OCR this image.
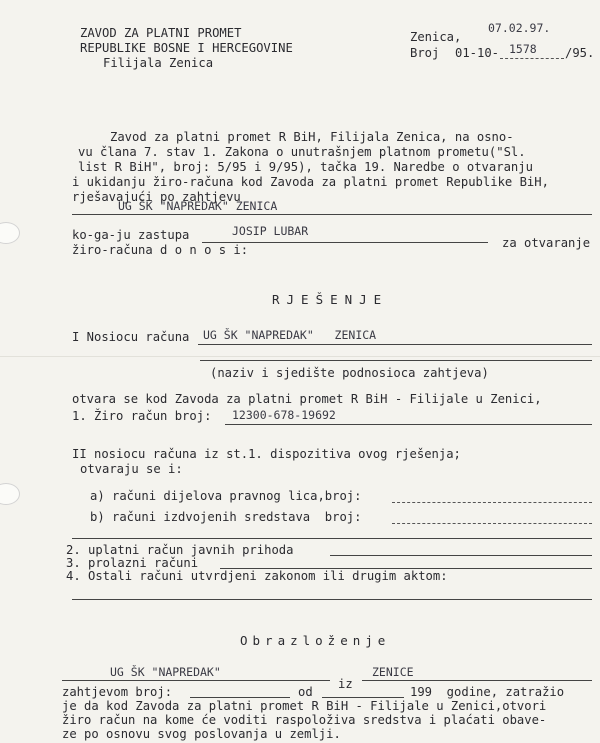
ZAVOD ZA PLATNI PROMET
REPUBLIKE BOSNE I HERCEGOVINE
Filijala Zenica
Zenica,
07.02.97.
Broj 01-10- 1578 /95.
Zavod za platni promet R BiH, Filijala Zenica, na osno-
vu člana 7. stav 1. Zakona o unutrašnjem platnom prometu("Sl.
list R BiH", broj: 5/95 i 9/95), tačka 19. Naredbe o otvaranju
i ukidanju žiro-računa kod Zavoda za platni promet Republike BiH,
rješavajući po zahtjevu
UG ŠK "NAPREDAK" ZENICA
ko-ga-ju zastupa	JOSIP LUBAR
za otvaranje
žiro-računa d o n o s i:
RJEŠENJE
I Nosiocu računa UG ŠK "NAPREDAK"   ZENICA
(naziv i sjedište podnosioca zahtjeva)
otvara se kod Zavoda za platni promet R BiH - Filijale u Zenici,
1. Žiro račun broj: 12300-678-19692
II nosiocu računa iz st.1. dispozitiva ovog rješenja;
otvaraju se i:
a) računi dijelova pravnog lica,broj:
b) računi izdvojenih sredstava  broj:
2. uplatni račun javnih prihoda
3. prolazni računi
4. Ostali računi utvrdjeni zakonom ili drugim aktom:
Obrazloženje
UG ŠK "NAPREDAK"
iz
ZENICE
zahtjevom broj:	od	199  godine, zatražio
je da kod Zavoda za platni promet R BiH - Filijale u Zenici,otvori
žiro račun na kome će voditi raspoloživa sredstva i plaćati obave-
ze po osnovu svog poslovanja u zemlji.
